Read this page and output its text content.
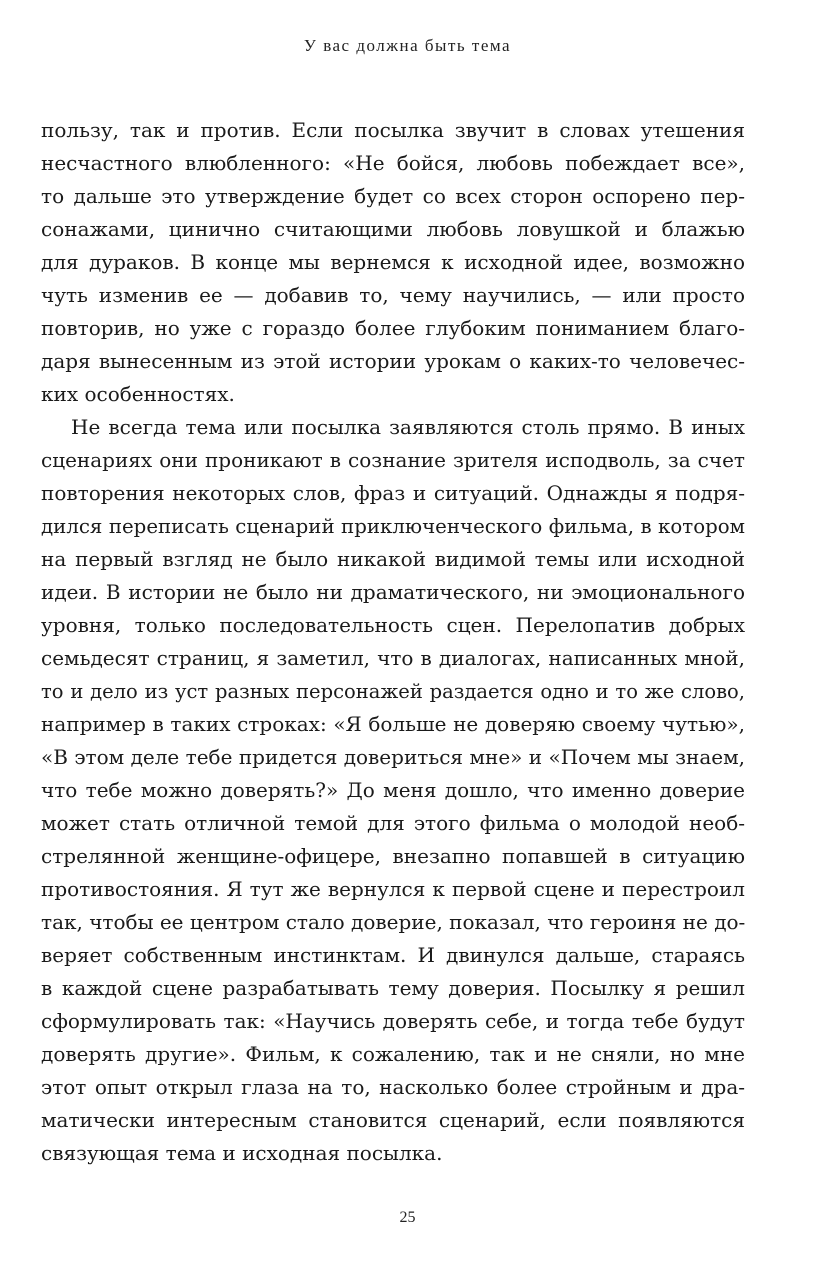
У вас должна быть тема
пользу, так и против. Если посылка звучит в словах утешения
несчастного влюбленного: «Не бойся, любовь побеждает все»,
то дальше это утверждение будет со всех сторон оспорено пер-
сонажами, цинично считающими любовь ловушкой и блажью
для дураков. В конце мы вернемся к исходной идее, возможно
чуть изменив ее — добавив то, чему научились, — или просто
повторив, но уже с гораздо более глубоким пониманием благо-
даря вынесенным из этой истории урокам о каких-то человечес-
ких особенностях.
Не всегда тема или посылка заявляются столь прямо. В иных
сценариях они проникают в сознание зрителя исподволь, за счет
повторения некоторых слов, фраз и ситуаций. Однажды я подря-
дился переписать сценарий приключенческого фильма, в котором
на первый взгляд не было никакой видимой темы или исходной
идеи. В истории не было ни драматического, ни эмоционального
уровня, только последовательность сцен. Перелопатив добрых
семьдесят страниц, я заметил, что в диалогах, написанных мной,
то и дело из уст разных персонажей раздается одно и то же слово,
например в таких строках: «Я больше не доверяю своему чутью»,
«В этом деле тебе придется довериться мне» и «Почем мы знаем,
что тебе можно доверять?» До меня дошло, что именно доверие
может стать отличной темой для этого фильма о молодой необ-
стрелянной женщине-офицере, внезапно попавшей в ситуацию
противостояния. Я тут же вернулся к первой сцене и перестроил
так, чтобы ее центром стало доверие, показал, что героиня не до-
веряет собственным инстинктам. И двинулся дальше, стараясь
в каждой сцене разрабатывать тему доверия. Посылку я решил
сформулировать так: «Научись доверять себе, и тогда тебе будут
доверять другие». Фильм, к сожалению, так и не сняли, но мне
этот опыт открыл глаза на то, насколько более стройным и дра-
матически интересным становится сценарий, если появляются
связующая тема и исходная посылка.
25
